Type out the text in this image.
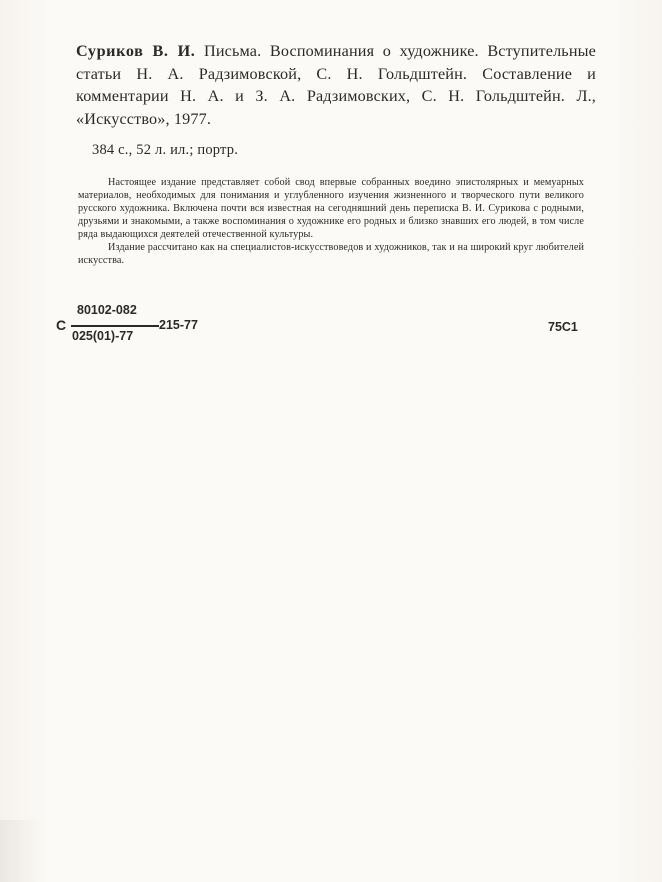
Суриков В. И. Письма. Воспоминания о художнике. Вступительные статьи Н. А. Радзимовской, С. Н. Гольдштейн. Составление и комментарии Н. А. и З. А. Радзимовских, С. Н. Гольдштейн. Л., «Искусство», 1977.
384 с., 52 л. ил.; портр.

Настоящее издание представляет собой свод впервые собранных воедино эпистолярных и мемуарных материалов, необходимых для понимания и углубленного изучения жизненного и творческого пути великого русского художника. Включена почти вся известная на сегодняшний день переписка В. И. Сурикова с родными, друзьями и знакомыми, а также воспоминания о художнике его родных и близко знавших его людей, в том числе ряда выдающихся деятелей отечественной культуры.

Издание рассчитано как на специалистов-искусствоведов и художников, так и на широкий круг любителей искусства.

С
80102-082
025(01)-77
215-77	75С1
